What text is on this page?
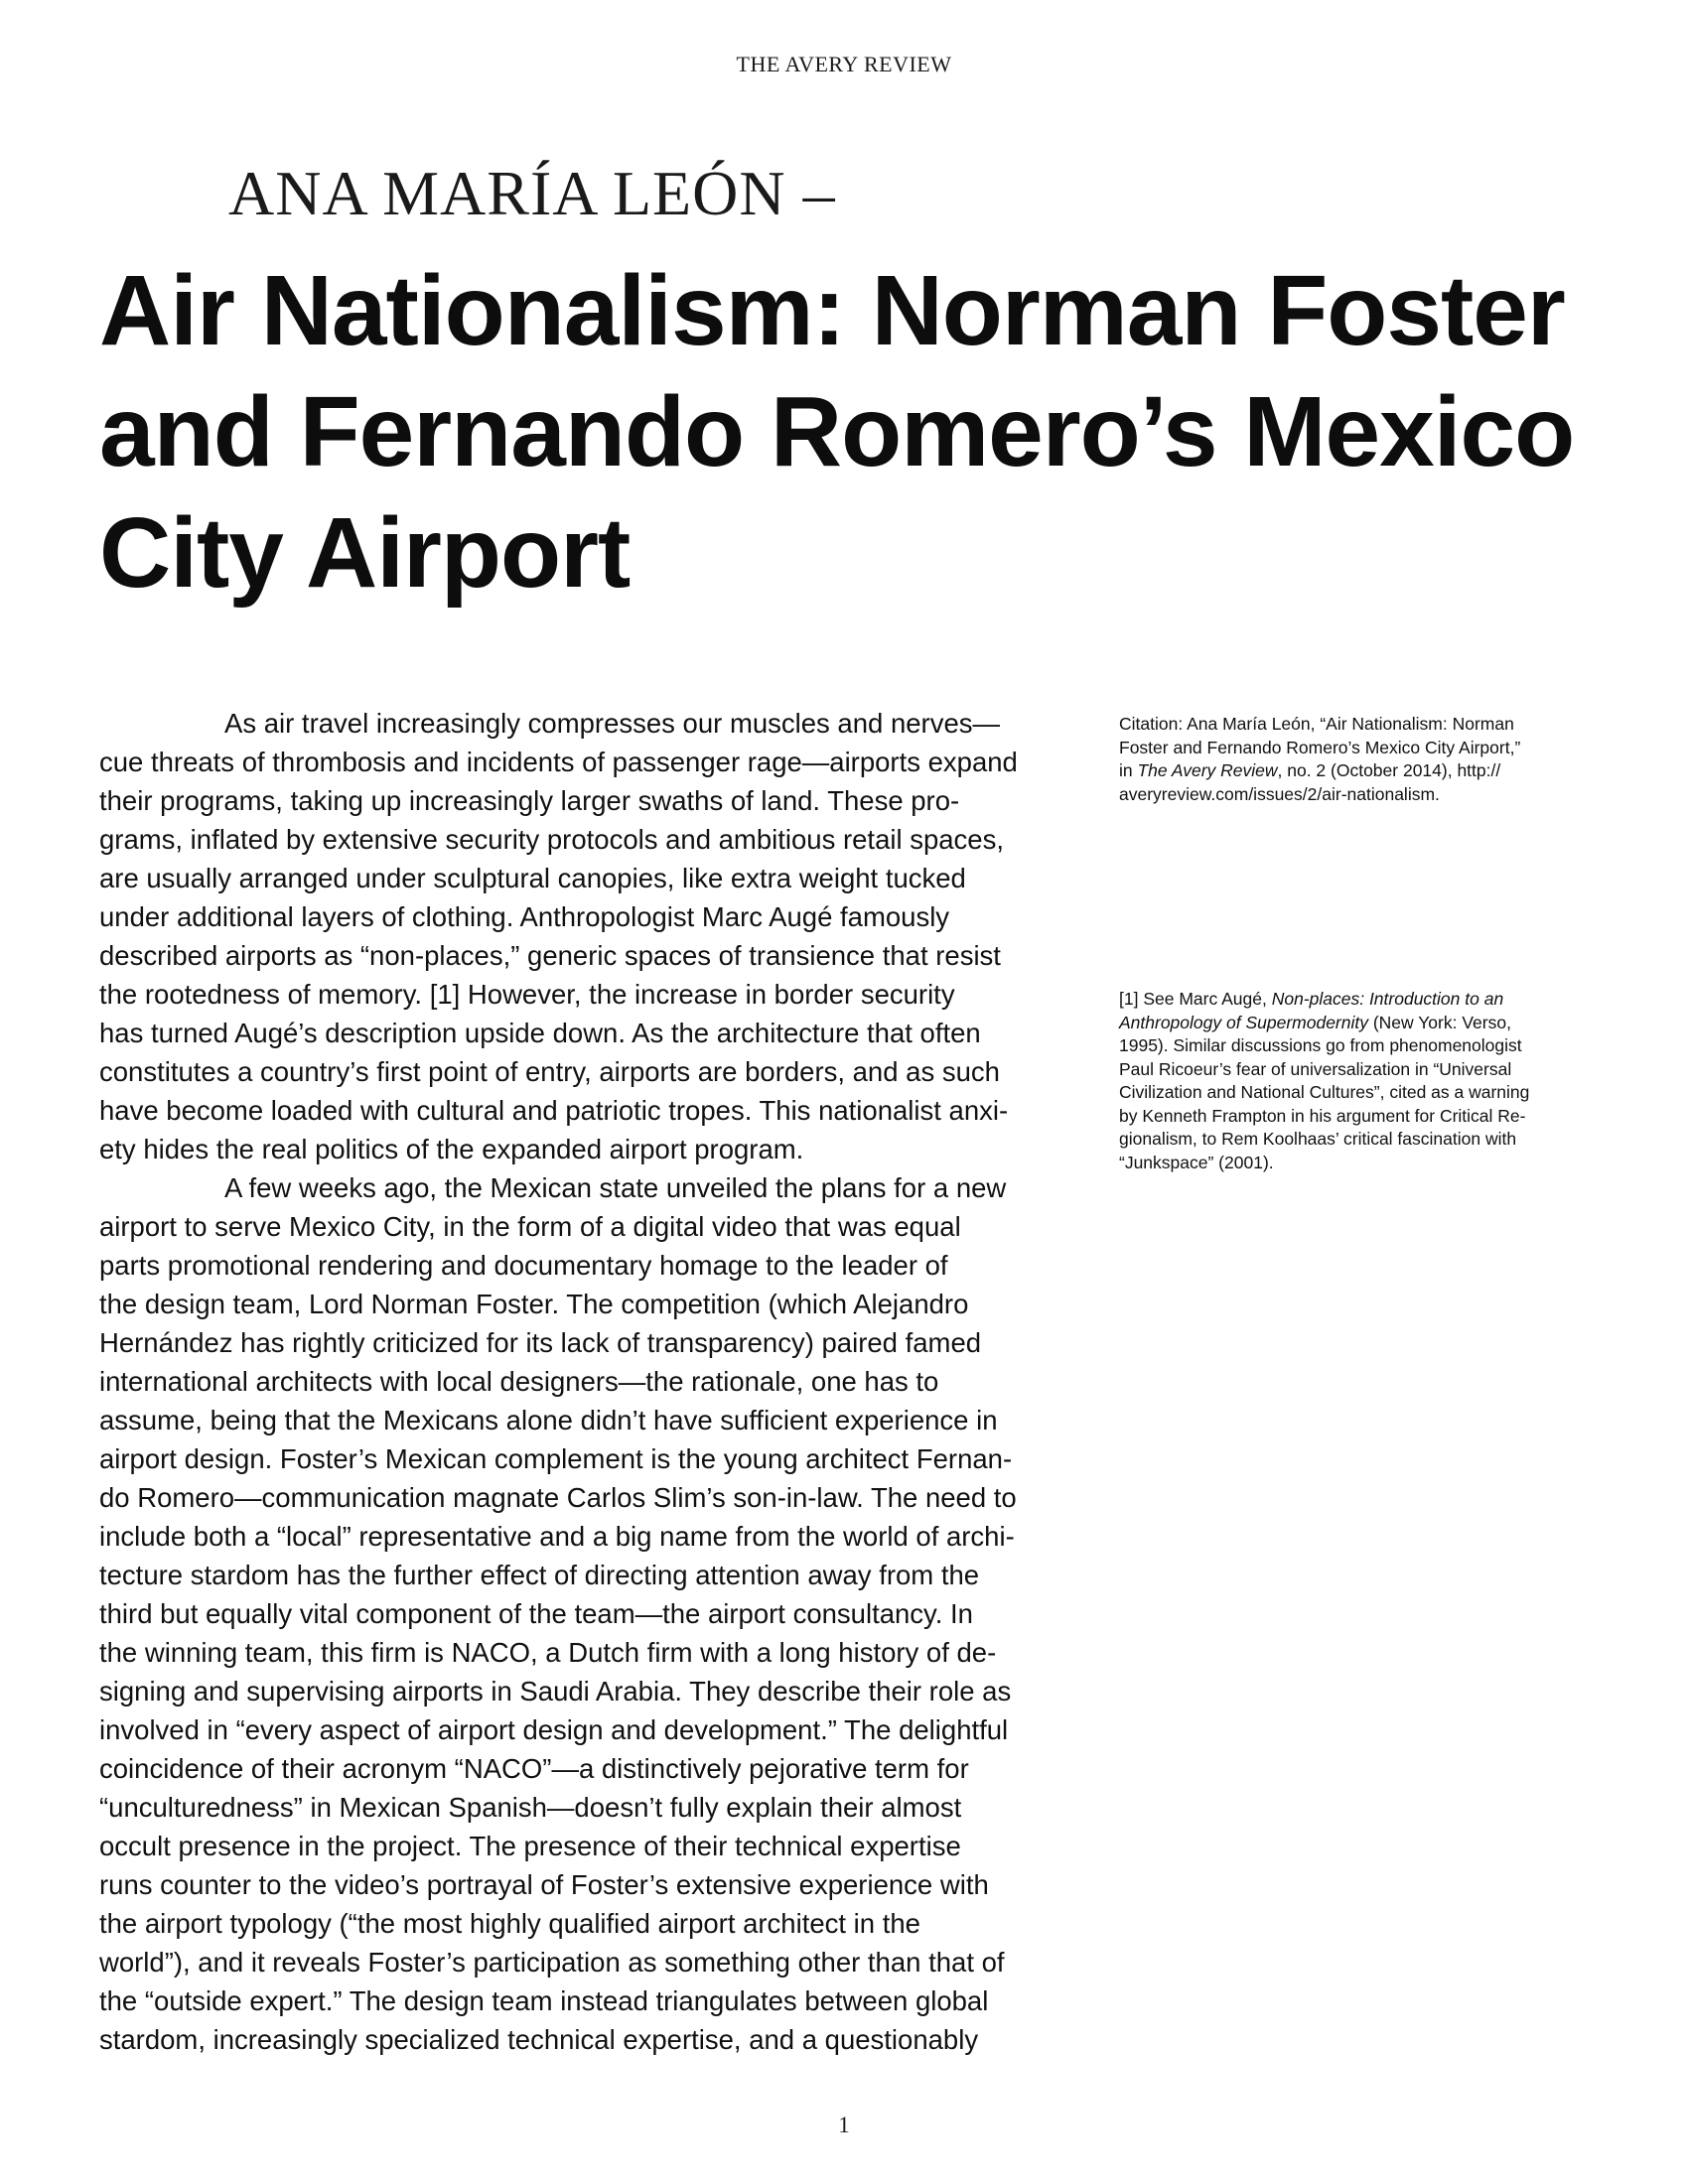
THE AVERY REVIEW
ANA MARÍA LEÓN –
Air Nationalism: Norman Foster
and Fernando Romero’s Mexico
City Airport
As air travel increasingly compresses our muscles and nerves—
cue threats of thrombosis and incidents of passenger rage—airports expand
their programs, taking up increasingly larger swaths of land. These pro-
grams, inflated by extensive security protocols and ambitious retail spaces,
are usually arranged under sculptural canopies, like extra weight tucked
under additional layers of clothing. Anthropologist Marc Augé famously
described airports as “non-places,” generic spaces of transience that resist
the rootedness of memory. [1] However, the increase in border security
has turned Augé’s description upside down. As the architecture that often
constitutes a country’s first point of entry, airports are borders, and as such
have become loaded with cultural and patriotic tropes. This nationalist anxi-
ety hides the real politics of the expanded airport program.
A few weeks ago, the Mexican state unveiled the plans for a new
airport to serve Mexico City, in the form of a digital video that was equal
parts promotional rendering and documentary homage to the leader of
the design team, Lord Norman Foster. The competition (which Alejandro
Hernández has rightly criticized for its lack of transparency) paired famed
international architects with local designers—the rationale, one has to
assume, being that the Mexicans alone didn’t have sufficient experience in
airport design. Foster’s Mexican complement is the young architect Fernan-
do Romero—communication magnate Carlos Slim’s son-in-law. The need to
include both a “local” representative and a big name from the world of archi-
tecture stardom has the further effect of directing attention away from the
third but equally vital component of the team—the airport consultancy. In
the winning team, this firm is NACO, a Dutch firm with a long history of de-
signing and supervising airports in Saudi Arabia. They describe their role as
involved in “every aspect of airport design and development.” The delightful
coincidence of their acronym “NACO”—a distinctively pejorative term for
“unculturedness” in Mexican Spanish—doesn’t fully explain their almost
occult presence in the project. The presence of their technical expertise
runs counter to the video’s portrayal of Foster’s extensive experience with
the airport typology (“the most highly qualified airport architect in the
world”), and it reveals Foster’s participation as something other than that of
the “outside expert.” The design team instead triangulates between global
stardom, increasingly specialized technical expertise, and a questionably
Citation: Ana María León, “Air Nationalism: Norman
Foster and Fernando Romero’s Mexico City Airport,”
in The Avery Review, no. 2 (October 2014), http://
averyreview.com/issues/2/air-nationalism.
[1] See Marc Augé, Non-places: Introduction to an
Anthropology of Supermodernity (New York: Verso,
1995). Similar discussions go from phenomenologist
Paul Ricoeur’s fear of universalization in “Universal
Civilization and National Cultures”, cited as a warning
by Kenneth Frampton in his argument for Critical Re-
gionalism, to Rem Koolhaas’ critical fascination with
“Junkspace” (2001).
1
